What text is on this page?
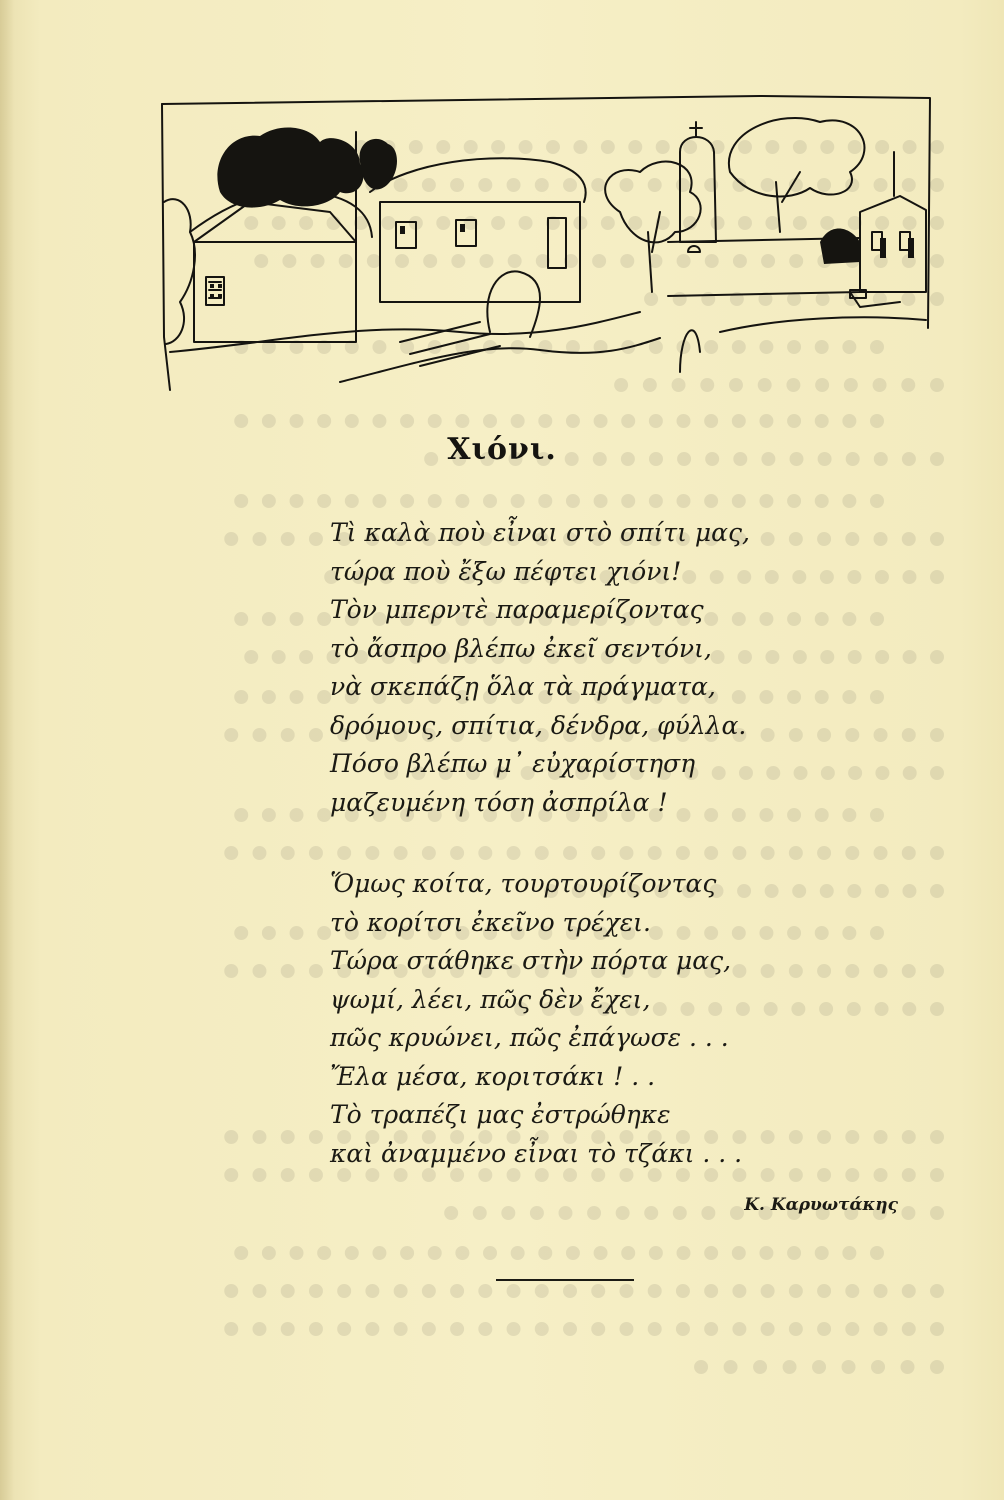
Χιόνι.
Τὶ καλὰ ποὺ εἶναι στὸ σπίτι μας,
τώρα ποὺ ἔξω πέφτει χιόνι!
Τὸν μπερντὲ παραμερίζοντας
τὸ ἄσπρο βλέπω ἐκεῖ σεντόνι,
νὰ σκεπάζῃ ὅλα τὰ πράγματα,
δρόμους, σπίτια, δένδρα, φύλλα.
Πόσο βλέπω μ᾽ εὐχαρίστηση
μαζευμένη τόση ἀσπρίλα !
Ὅμως κοίτα, τουρτουρίζοντας
τὸ κορίτσι ἐκεῖνο τρέχει.
Τώρα στάθηκε στὴν πόρτα μας,
ψωμί, λέει, πῶς δὲν ἔχει,
πῶς κρυώνει, πῶς ἐπάγωσε . . .
Ἔλα μέσα, κοριτσάκι ! . .
Τὸ τραπέζι μας ἐστρώθηκε
καὶ ἀναμμένο εἶναι τὸ τζάκι . . .
Κ. Καρυωτάκης
